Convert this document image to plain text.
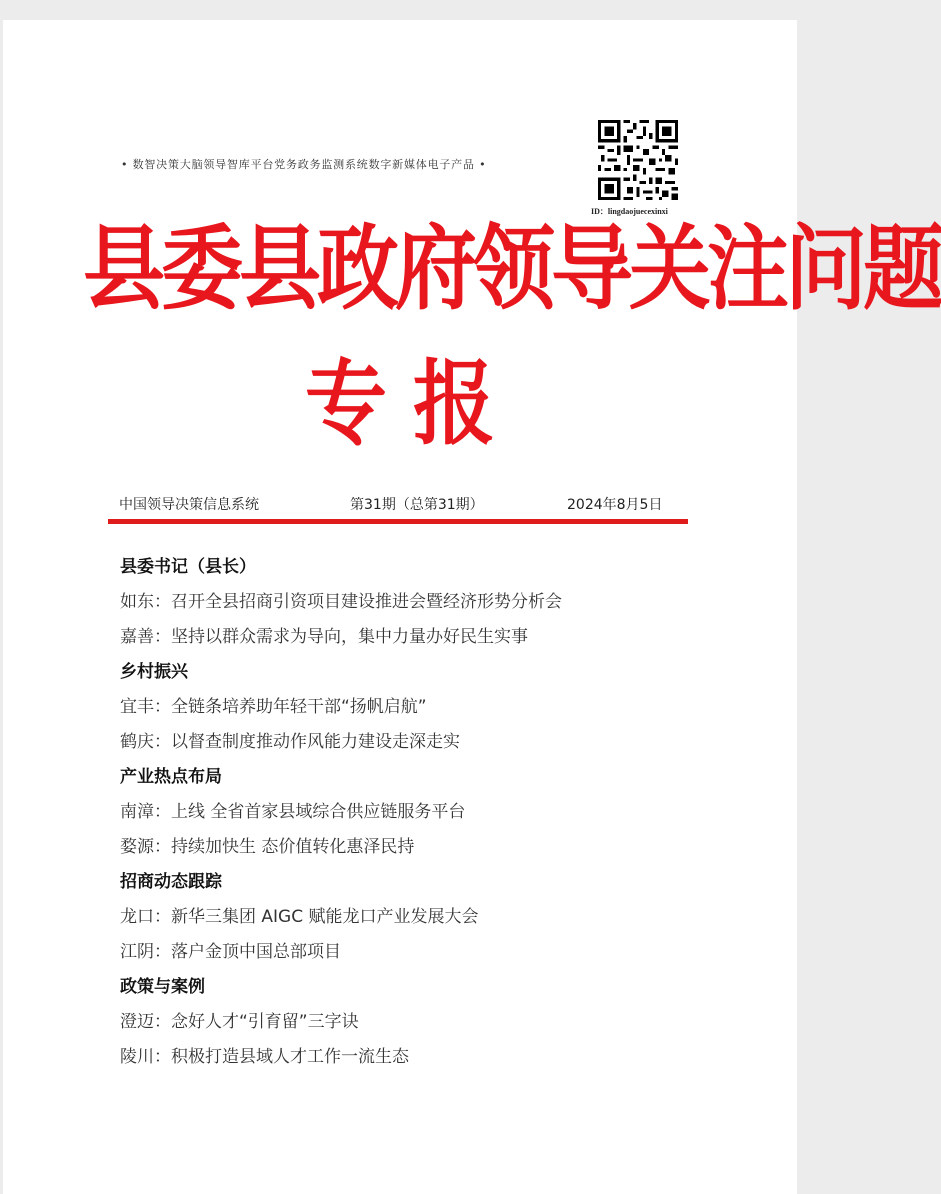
• 数智决策大脑领导智库平台党务政务监测系统数字新媒体电子产品 •
ID：lingdaojuecexinxi
县委县政府领导关注问题
专报
中国领导决策信息系统	第31期（总第31期）	2024年8月5日
县委书记（县长）
如东：召开全县招商引资项目建设推进会暨经济形势分析会
嘉善：坚持以群众需求为导向，集中力量办好民生实事
乡村振兴
宜丰：全链条培养助年轻干部“扬帆启航”
鹤庆：以督查制度推动作风能力建设走深走实
产业热点布局
南漳：上线 全省首家县域综合供应链服务平台
婺源：持续加快生 态价值转化惠泽民持
招商动态跟踪
龙口：新华三集团 AIGC 赋能龙口产业发展大会
江阴：落户金顶中国总部项目
政策与案例
澄迈：念好人才“引育留”三字诀
陵川：积极打造县域人才工作一流生态
